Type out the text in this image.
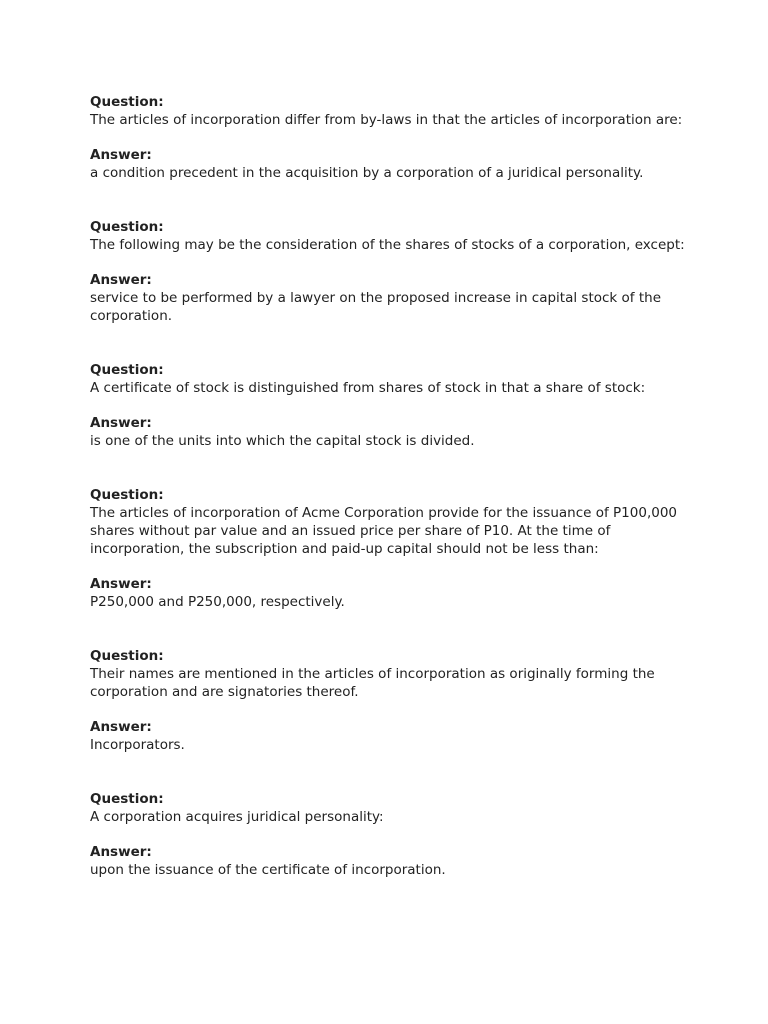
Question:
The articles of incorporation differ from by-laws in that the articles of incorporation are:
Answer:
a condition precedent in the acquisition by a corporation of a juridical personality.
Question:
The following may be the consideration of the shares of stocks of a corporation, except:
Answer:
service to be performed by a lawyer on the proposed increase in capital stock of the corporation.
Question:
A certificate of stock is distinguished from shares of stock in that a share of stock:
Answer:
is one of the units into which the capital stock is divided.
Question:
The articles of incorporation of Acme Corporation provide for the issuance of P100,000 shares without par value and an issued price per share of P10. At the time of incorporation, the subscription and paid-up capital should not be less than:
Answer:
P250,000 and P250,000, respectively.
Question:
Their names are mentioned in the articles of incorporation as originally forming the corporation and are signatories thereof.
Answer:
Incorporators.
Question:
A corporation acquires juridical personality:
Answer:
upon the issuance of the certificate of incorporation.
